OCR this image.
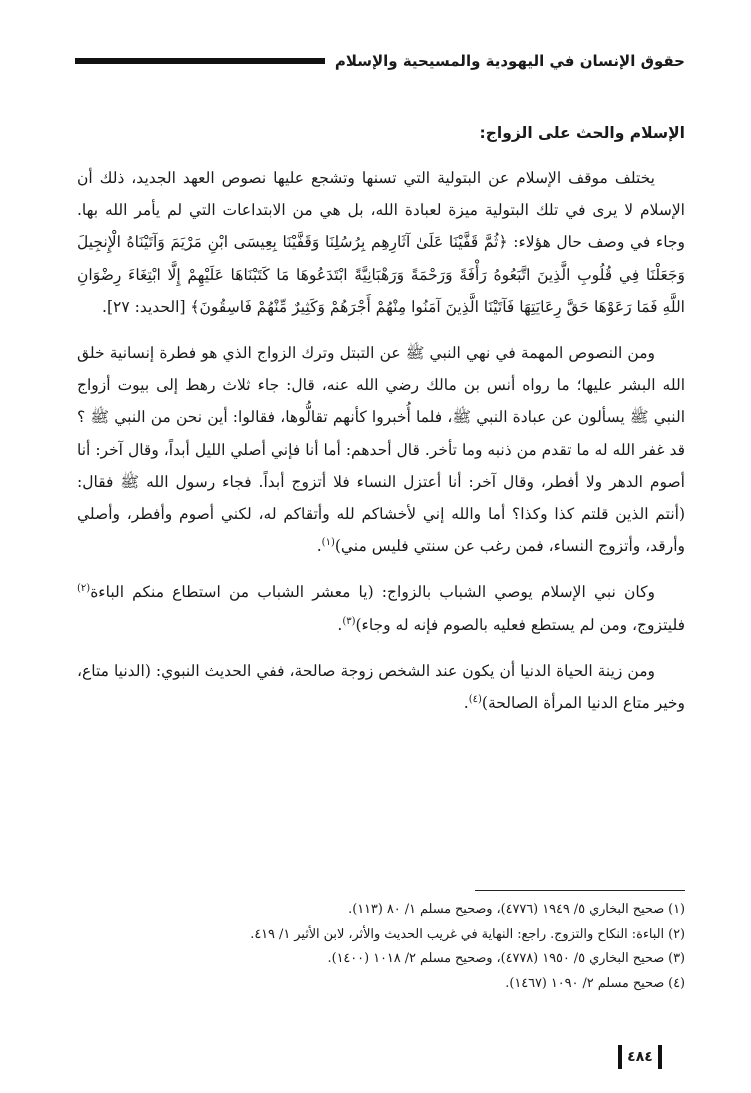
حقوق الإنسان في اليهودية والمسيحية والإسلام
الإسلام والحث على الزواج:

يختلف موقف الإسلام عن البتولية التي تسنها وتشجع عليها نصوص العهد الجديد، ذلك أن الإسلام لا يرى في تلك البتولية ميزة لعبادة الله، بل هي من الابتداعات التي لم يأمر الله بها. وجاء في وصف حال هؤلاء: ﴿ثُمَّ قَفَّيْنَا عَلَىٰ آثَارِهِم بِرُسُلِنَا وَقَفَّيْنَا بِعِيسَى ابْنِ مَرْيَمَ وَآتَيْنَاهُ الْإِنجِيلَ وَجَعَلْنَا فِي قُلُوبِ الَّذِينَ اتَّبَعُوهُ رَأْفَةً وَرَحْمَةً وَرَهْبَانِيَّةً ابْتَدَعُوهَا مَا كَتَبْنَاهَا عَلَيْهِمْ إِلَّا ابْتِغَاءَ رِضْوَانِ اللَّهِ فَمَا رَعَوْهَا حَقَّ رِعَايَتِهَا فَآتَيْنَا الَّذِينَ آمَنُوا مِنْهُمْ أَجْرَهُمْ وَكَثِيرٌ مِّنْهُمْ فَاسِقُونَ﴾ [الحديد: ٢٧].

ومن النصوص المهمة في نهي النبي ﷺ عن التبتل وترك الزواج الذي هو فطرة إنسانية خلق الله البشر عليها؛ ما رواه أنس بن مالك رضي الله عنه، قال: جاء ثلاث رهط إلى بيوت أزواج النبي ﷺ يسألون عن عبادة النبي ﷺ، فلما أُخبروا كأنهم تقالُّوها، فقالوا: أين نحن من النبي ﷺ ؟ قد غفر الله له ما تقدم من ذنبه وما تأخر. قال أحدهم: أما أنا فإني أصلي الليل أبداً، وقال آخر: أنا أصوم الدهر ولا أفطر، وقال آخر: أنا أعتزل النساء فلا أتزوج أبداً. فجاء رسول الله ﷺ فقال: (أنتم الذين قلتم كذا وكذا؟ أما والله إني لأخشاكم لله وأتقاكم له، لكني أصوم وأفطر، وأصلي وأرقد، وأتزوج النساء، فمن رغب عن سنتي فليس مني)$^{(١)}$.

وكان نبي الإسلام يوصي الشباب بالزواج: (يا معشر الشباب من استطاع منكم الباءة$^{(٢)}$ فليتزوج، ومن لم يستطع فعليه بالصوم فإنه له وجاء)$^{(٣)}$.

ومن زينة الحياة الدنيا أن يكون عند الشخص زوجة صالحة، ففي الحديث النبوي: (الدنيا متاع، وخير متاع الدنيا المرأة الصالحة)$^{(٤)}$.

(١) صحيح البخاري ٥/ ١٩٤٩ (٤٧٧٦)، وصحيح مسلم ١/ ٨٠ (١١٣).
(٢) الباءة: النكاح والتزوج. راجع: النهاية في غريب الحديث والأثر، لابن الأثير ١/ ٤١٩.
(٣) صحيح البخاري ٥/ ١٩٥٠ (٤٧٧٨)، وصحيح مسلم ٢/ ١٠١٨ (١٤٠٠).
(٤) صحيح مسلم ٢/ ١٠٩٠ (١٤٦٧).
٤٨٤
